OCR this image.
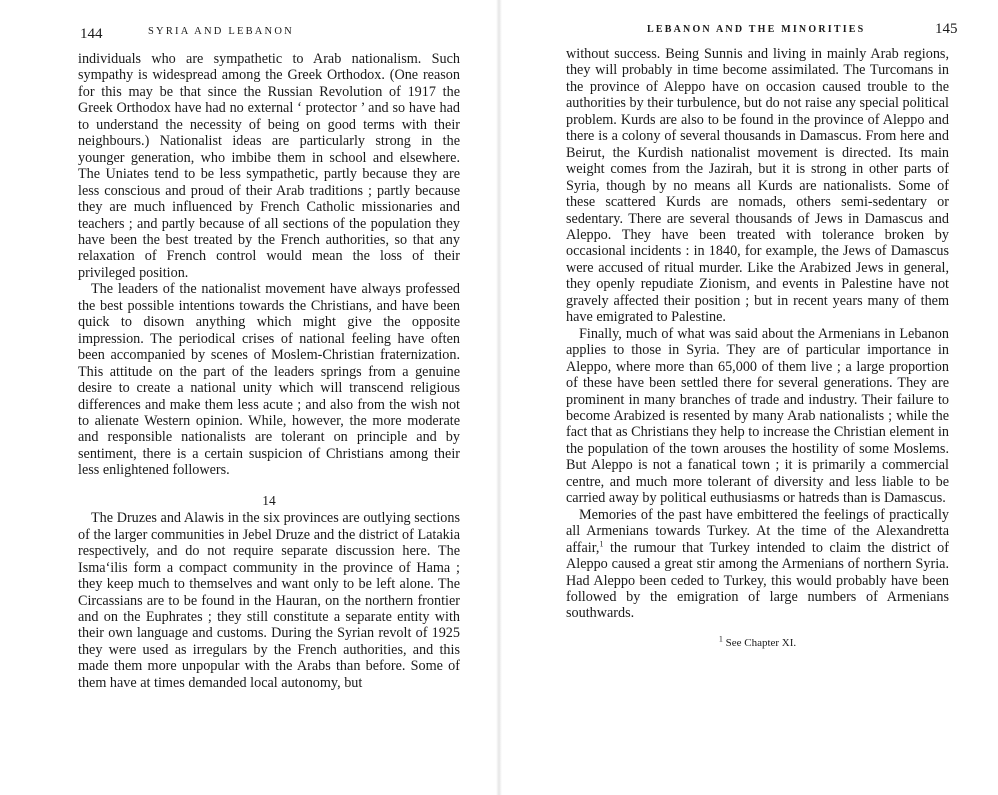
144	SYRIA AND LEBANON

individuals who are sympathetic to Arab nationalism. Such sympathy is widespread among the Greek Orthodox. (One reason for this may be that since the Russian Revolution of 1917 the Greek Orthodox have had no external ‘ protector ’ and so have had to understand the necessity of being on good terms with their neighbours.) Nationalist ideas are particularly strong in the younger generation, who imbibe them in school and elsewhere. The Uniates tend to be less sympathetic, partly because they are less conscious and proud of their Arab traditions ; partly because they are much influenced by French Catholic missionaries and teachers ; and partly because of all sections of the population they have been the best treated by the French authorities, so that any relaxation of French control would mean the loss of their privileged position.

The leaders of the nationalist movement have always professed the best possible intentions towards the Christians, and have been quick to disown anything which might give the opposite impression. The periodical crises of national feeling have often been accompanied by scenes of Moslem-Christian fraternization. This attitude on the part of the leaders springs from a genuine desire to create a national unity which will transcend religious differences and make them less acute ; and also from the wish not to alienate Western opinion. While, however, the more moderate and responsible nationalists are tolerant on principle and by sentiment, there is a certain suspicion of Christians among their less enlightened followers.

14

The Druzes and Alawis in the six provinces are outlying sections of the larger communities in Jebel Druze and the district of Latakia respectively, and do not require separate discussion here. The Isma‘ilis form a compact community in the province of Hama ; they keep much to themselves and want only to be left alone. The Circassians are to be found in the Hauran, on the northern frontier and on the Euphrates ; they still constitute a separate entity with their own language and customs. During the Syrian revolt of 1925 they were used as irregulars by the French authorities, and this made them more unpopular with the Arabs than before. Some of them have at times demanded local autonomy, but

LEBANON AND THE MINORITIES	145

without success. Being Sunnis and living in mainly Arab regions, they will probably in time become assimilated. The Turcomans in the province of Aleppo have on occasion caused trouble to the authorities by their turbulence, but do not raise any special political problem. Kurds are also to be found in the province of Aleppo and there is a colony of several thousands in Damascus. From here and Beirut, the Kurdish nationalist movement is directed. Its main weight comes from the Jazirah, but it is strong in other parts of Syria, though by no means all Kurds are nationalists. Some of these scattered Kurds are nomads, others semi-sedentary or sedentary. There are several thousands of Jews in Damascus and Aleppo. They have been treated with tolerance broken by occasional incidents : in 1840, for example, the Jews of Damascus were accused of ritual murder. Like the Arabized Jews in general, they openly repudiate Zionism, and events in Palestine have not gravely affected their position ; but in recent years many of them have emigrated to Palestine.

Finally, much of what was said about the Armenians in Lebanon applies to those in Syria. They are of particular importance in Aleppo, where more than 65,000 of them live ; a large proportion of these have been settled there for several generations. They are prominent in many branches of trade and industry. Their failure to become Arabized is resented by many Arab nationalists ; while the fact that as Christians they help to increase the Christian element in the population of the town arouses the hostility of some Moslems. But Aleppo is not a fanatical town ; it is primarily a commercial centre, and much more tolerant of diversity and less liable to be carried away by political euthusiasms or hatreds than is Damascus.

Memories of the past have embittered the feelings of practically all Armenians towards Turkey. At the time of the Alexandretta affair,$^1$ the rumour that Turkey intended to claim the district of Aleppo caused a great stir among the Armenians of northern Syria. Had Aleppo been ceded to Turkey, this would probably have been followed by the emigration of large numbers of Armenians southwards.

$^1$ See Chapter XI.
